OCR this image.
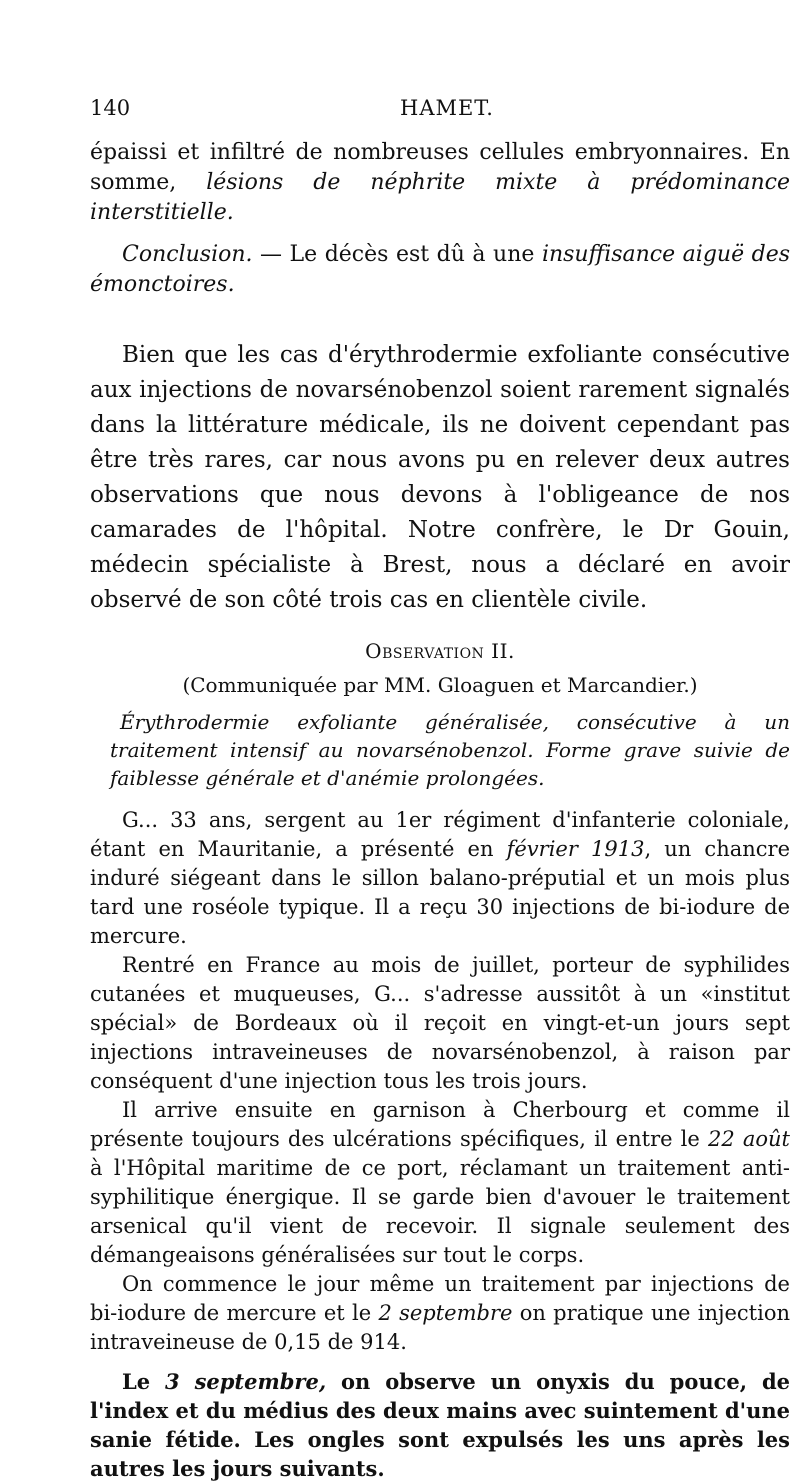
140	HAMET.

épaissi et infiltré de nombreuses cellules embryonnaires. En somme, lésions de néphrite mixte à prédominance interstitielle.

Conclusion. — Le décès est dû à une insuffisance aiguë des émonctoires.

Bien que les cas d'érythrodermie exfoliante consécutive aux injections de novarsénobenzol soient rarement signalés dans la littérature médicale, ils ne doivent cependant pas être très rares, car nous avons pu en relever deux autres observations que nous devons à l'obligeance de nos camarades de l'hôpital. Notre confrère, le Dr Gouin, médecin spécialiste à Brest, nous a déclaré en avoir observé de son côté trois cas en clientèle civile.

Observation II.

(Communiquée par MM. Gloaguen et Marcandier.)

Érythrodermie exfoliante généralisée, consécutive à un traitement intensif au novarsénobenzol. Forme grave suivie de faiblesse générale et d'anémie prolongées.

G... 33 ans, sergent au 1er régiment d'infanterie coloniale, étant en Mauritanie, a présenté en février 1913, un chancre induré siégeant dans le sillon balano-préputial et un mois plus tard une roséole typique. Il a reçu 30 injections de bi-iodure de mercure.

Rentré en France au mois de juillet, porteur de syphilides cutanées et muqueuses, G... s'adresse aussitôt à un «institut spécial» de Bordeaux où il reçoit en vingt-et-un jours sept injections intraveineuses de novarsénobenzol, à raison par conséquent d'une injection tous les trois jours.

Il arrive ensuite en garnison à Cherbourg et comme il présente toujours des ulcérations spécifiques, il entre le 22 août à l'Hôpital maritime de ce port, réclamant un traitement anti-syphilitique énergique. Il se garde bien d'avouer le traitement arsenical qu'il vient de recevoir. Il signale seulement des démangeaisons généralisées sur tout le corps.

On commence le jour même un traitement par injections de bi-iodure de mercure et le 2 septembre on pratique une injection intraveineuse de 0,15 de 914.

Le 3 septembre, on observe un onyxis du pouce, de l'index et du médius des deux mains avec suintement d'une sanie fétide. Les ongles sont expulsés les uns après les autres les jours suivants.
